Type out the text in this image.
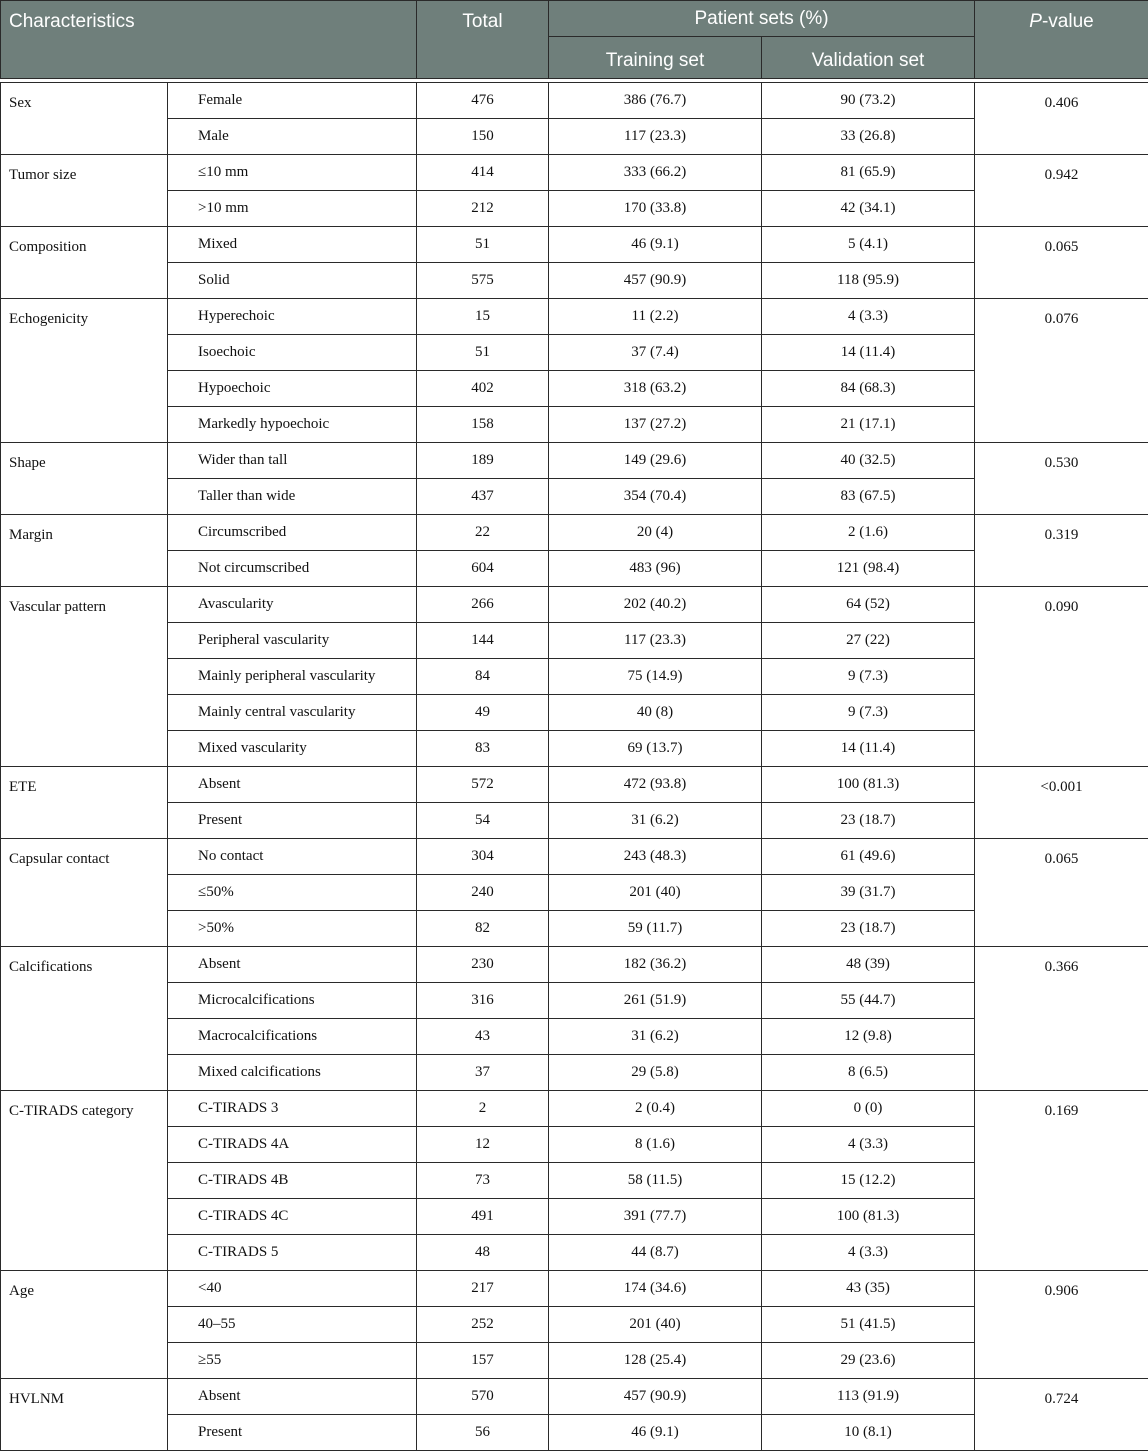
Characteristics		Total	Patient sets (%)		P-value
			Training set	Validation set	

Sex	Female	476	386 (76.7)	90 (73.2)	0.406
	Male	150	117 (23.3)	33 (26.8)	
Tumor size	≤10 mm	414	333 (66.2)	81 (65.9)	0.942
	>10 mm	212	170 (33.8)	42 (34.1)	
Composition	Mixed	51	46 (9.1)	5 (4.1)	0.065
	Solid	575	457 (90.9)	118 (95.9)	
Echogenicity	Hyperechoic	15	11 (2.2)	4 (3.3)	0.076
	Isoechoic	51	37 (7.4)	14 (11.4)	
	Hypoechoic	402	318 (63.2)	84 (68.3)	
	Markedly hypoechoic	158	137 (27.2)	21 (17.1)	
Shape	Wider than tall	189	149 (29.6)	40 (32.5)	0.530
	Taller than wide	437	354 (70.4)	83 (67.5)	
Margin	Circumscribed	22	20 (4)	2 (1.6)	0.319
	Not circumscribed	604	483 (96)	121 (98.4)	
Vascular pattern	Avascularity	266	202 (40.2)	64 (52)	0.090
	Peripheral vascularity	144	117 (23.3)	27 (22)	
	Mainly peripheral vascularity	84	75 (14.9)	9 (7.3)	
	Mainly central vascularity	49	40 (8)	9 (7.3)	
	Mixed vascularity	83	69 (13.7)	14 (11.4)	
ETE	Absent	572	472 (93.8)	100 (81.3)	<0.001
	Present	54	31 (6.2)	23 (18.7)	
Capsular contact	No contact	304	243 (48.3)	61 (49.6)	0.065
	≤50%	240	201 (40)	39 (31.7)	
	>50%	82	59 (11.7)	23 (18.7)	
Calcifications	Absent	230	182 (36.2)	48 (39)	0.366
	Microcalcifications	316	261 (51.9)	55 (44.7)	
	Macrocalcifications	43	31 (6.2)	12 (9.8)	
	Mixed calcifications	37	29 (5.8)	8 (6.5)	
C-TIRADS category	C-TIRADS 3	2	2 (0.4)	0 (0)	0.169
	C-TIRADS 4A	12	8 (1.6)	4 (3.3)	
	C-TIRADS 4B	73	58 (11.5)	15 (12.2)	
	C-TIRADS 4C	491	391 (77.7)	100 (81.3)	
	C-TIRADS 5	48	44 (8.7)	4 (3.3)	
Age	<40	217	174 (34.6)	43 (35)	0.906
	40–55	252	201 (40)	51 (41.5)	
	≥55	157	128 (25.4)	29 (23.6)	
HVLNM	Absent	570	457 (90.9)	113 (91.9)	0.724
	Present	56	46 (9.1)	10 (8.1)	
